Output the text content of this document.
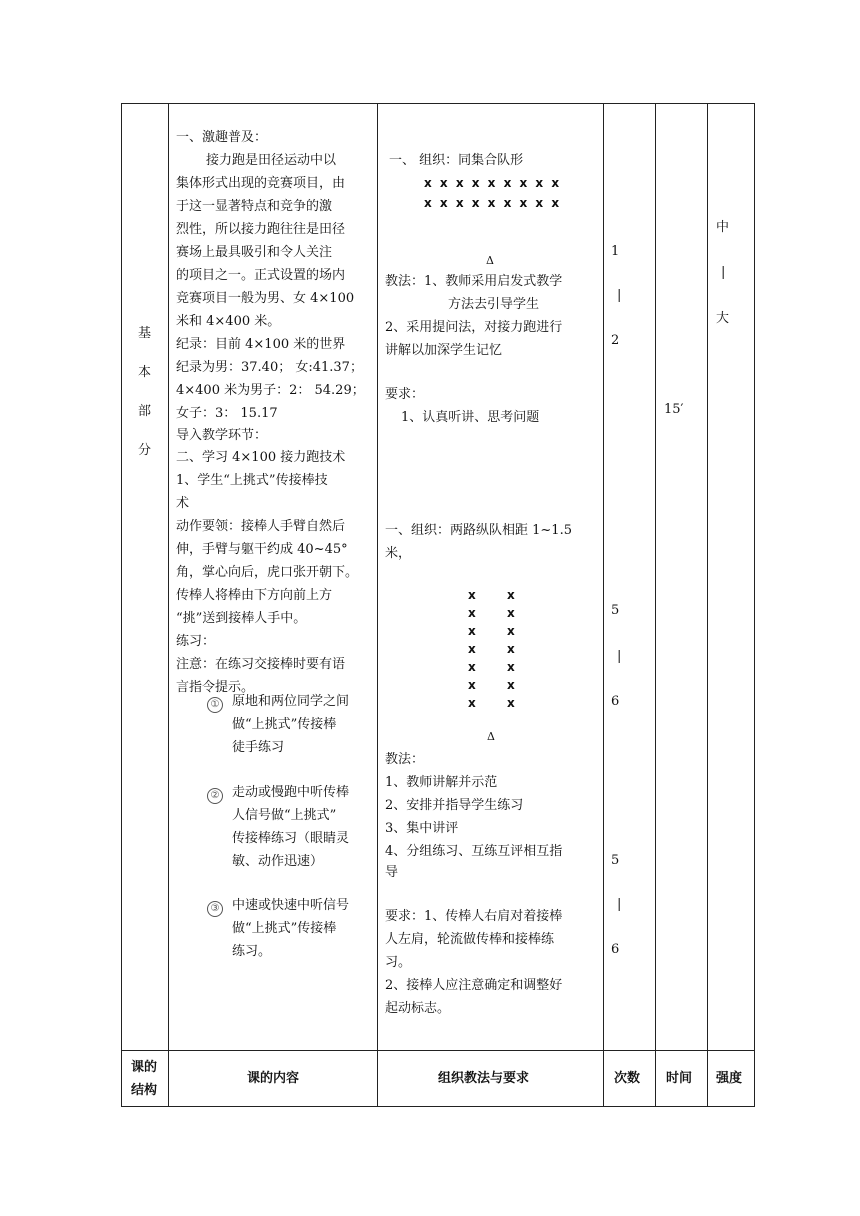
基
本
部
分
一、激趣普及：
接力跑是田径运动中以
集体形式出现的竞赛项目，由
于这一显著特点和竞争的激
烈性，所以接力跑往往是田径
赛场上最具吸引和令人关注
的项目之一。正式设置的场内
竞赛项目一般为男、女 4×100
米和 4×400 米。
纪录：目前 4×100 米的世界
纪录为男：37.40； 女:41.37；
4×400 米为男子：2： 54.29；
女子：3： 15.17
导入教学环节：
二、学习 4×100 接力跑技术
1、学生“上挑式”传接棒技
术
动作要领：接棒人手臂自然后
伸，手臂与躯干约成 40~45°
角，掌心向后，虎口张开朝下。
传棒人将棒由下方向前上方
“挑”送到接棒人手中。
练习：
注意：在练习交接棒时要有语
言指令提示。
① 原地和两位同学之间
做“上挑式”传接棒
徒手练习
② 走动或慢跑中听传棒
人信号做“上挑式”
传接棒练习（眼睛灵
敏、动作迅速）
③ 中速或快速中听信号
做“上挑式”传接棒
练习。
一、 组织：同集合队形
x x x x x x x x x
x x x x x x x x x
Δ
教法：1、教师采用启发式教学
方法去引导学生
2、采用提问法，对接力跑进行
讲解以加深学生记忆
要求：
1、认真听讲、思考问题
一、组织：两路纵队相距 1~1.5
米，
x
x
x
x
x
x
x
x
x
x
x
x
x
x
Δ
教法：
1、教师讲解并示范
2、安排并指导学生练习
3、集中讲评
4、分组练习、互练互评相互指
导
要求：1、传棒人右肩对着接棒
人左肩，轮流做传棒和接棒练
习。
2、接棒人应注意确定和调整好
起动标志。
1
|
2
5
|
6
5
|
6
15′
中
|
大
课的
结构
课的内容	组织教法与要求	次数 时间 强度
